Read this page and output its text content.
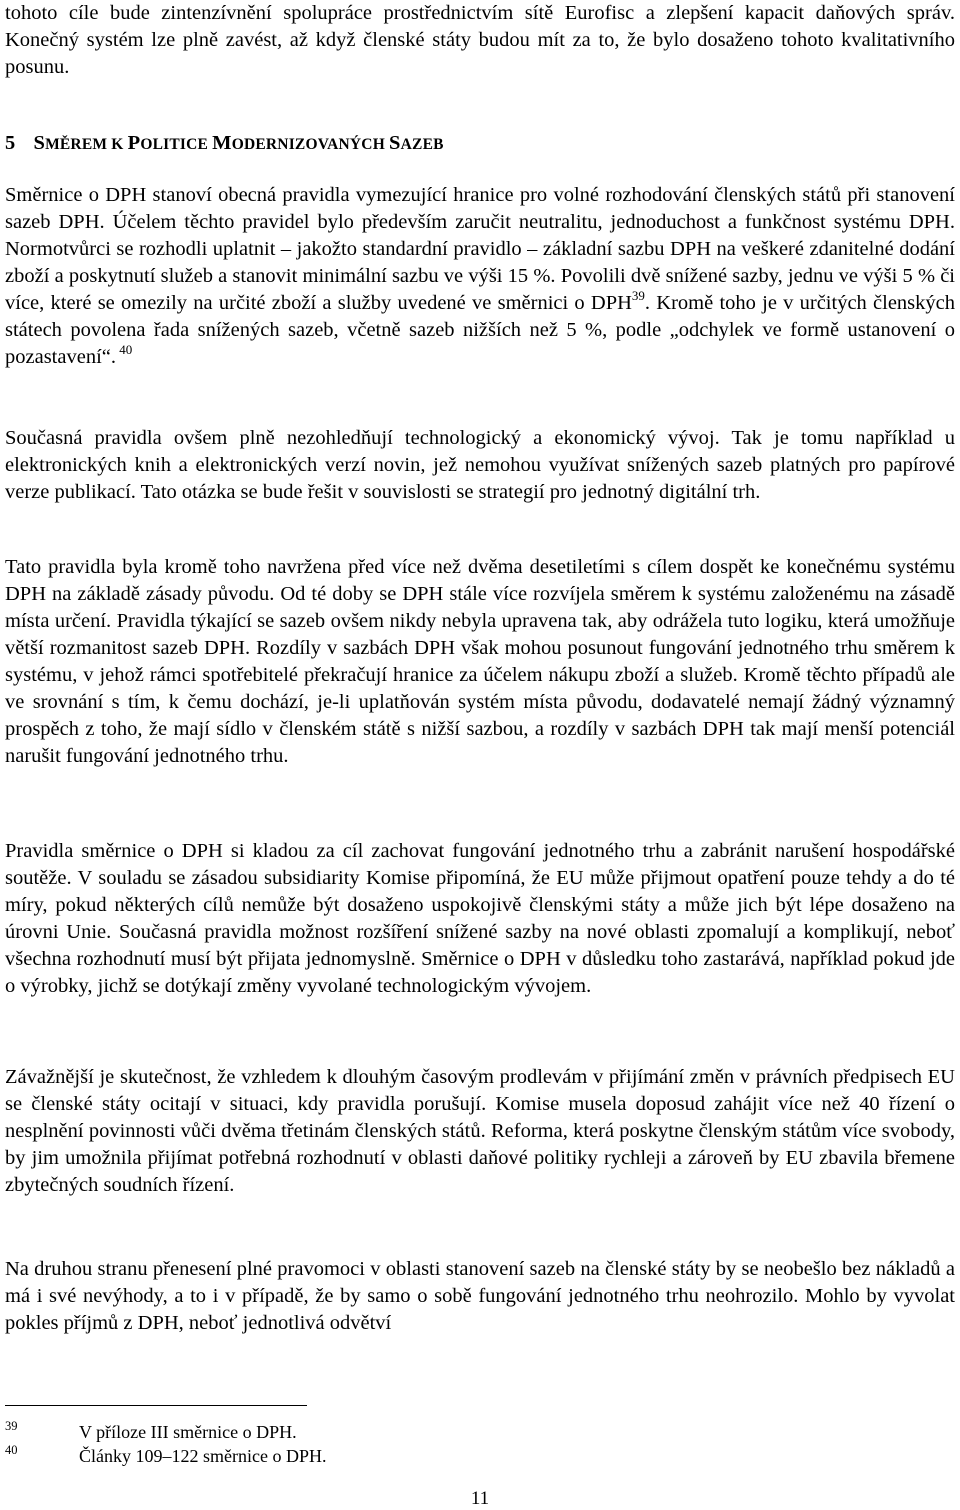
tohoto cíle bude zintenzívnění spolupráce prostřednictvím sítě Eurofisc a zlepšení kapacit daňových správ. Konečný systém lze plně zavést, až když členské státy budou mít za to, že bylo dosaženo tohoto kvalitativního posunu.

5 SMĚREM K POLITICE MODERNIZOVANÝCH SAZEB

Směrnice o DPH stanoví obecná pravidla vymezující hranice pro volné rozhodování členských států při stanovení sazeb DPH. Účelem těchto pravidel bylo především zaručit neutralitu, jednoduchost a funkčnost systému DPH. Normotvůrci se rozhodli uplatnit – jakožto standardní pravidlo – základní sazbu DPH na veškeré zdanitelné dodání zboží a poskytnutí služeb a stanovit minimální sazbu ve výši 15 %. Povolili dvě snížené sazby, jednu ve výši 5 % či více, které se omezily na určité zboží a služby uvedené ve směrnici o DPH$^{39}$. Kromě toho je v určitých členských státech povolena řada snížených sazeb, včetně sazeb nižších než 5 %, podle „odchylek ve formě ustanovení o pozastavení“. $^{40}$

Současná pravidla ovšem plně nezohledňují technologický a ekonomický vývoj. Tak je tomu například u elektronických knih a elektronických verzí novin, jež nemohou využívat snížených sazeb platných pro papírové verze publikací. Tato otázka se bude řešit v souvislosti se strategií pro jednotný digitální trh.

Tato pravidla byla kromě toho navržena před více než dvěma desetiletími s cílem dospět ke konečnému systému DPH na základě zásady původu. Od té doby se DPH stále více rozvíjela směrem k systému založenému na zásadě místa určení. Pravidla týkající se sazeb ovšem nikdy nebyla upravena tak, aby odrážela tuto logiku, která umožňuje větší rozmanitost sazeb DPH. Rozdíly v sazbách DPH však mohou posunout fungování jednotného trhu směrem k systému, v jehož rámci spotřebitelé překračují hranice za účelem nákupu zboží a služeb. Kromě těchto případů ale ve srovnání s tím, k čemu dochází, je-li uplatňován systém místa původu, dodavatelé nemají žádný významný prospěch z toho, že mají sídlo v členském státě s nižší sazbou, a rozdíly v sazbách DPH tak mají menší potenciál narušit fungování jednotného trhu.

Pravidla směrnice o DPH si kladou za cíl zachovat fungování jednotného trhu a zabránit narušení hospodářské soutěže. V souladu se zásadou subsidiarity Komise připomíná, že EU může přijmout opatření pouze tehdy a do té míry, pokud některých cílů nemůže být dosaženo uspokojivě členskými státy a může jich být lépe dosaženo na úrovni Unie. Současná pravidla možnost rozšíření snížené sazby na nové oblasti zpomalují a komplikují, neboť všechna rozhodnutí musí být přijata jednomyslně. Směrnice o DPH v důsledku toho zastarává, například pokud jde o výrobky, jichž se dotýkají změny vyvolané technologickým vývojem.

Závažnější je skutečnost, že vzhledem k dlouhým časovým prodlevám v přijímání změn v právních předpisech EU se členské státy ocitají v situaci, kdy pravidla porušují. Komise musela doposud zahájit více než 40 řízení o nesplnění povinnosti vůči dvěma třetinám členských států. Reforma, která poskytne členským státům více svobody, by jim umožnila přijímat potřebná rozhodnutí v oblasti daňové politiky rychleji a zároveň by EU zbavila břemene zbytečných soudních řízení.

Na druhou stranu přenesení plné pravomoci v oblasti stanovení sazeb na členské státy by se neobešlo bez nákladů a má i své nevýhody, a to i v případě, že by samo o sobě fungování jednotného trhu neohrozilo. Mohlo by vyvolat pokles příjmů z DPH, neboť jednotlivá odvětví

39	V příloze III směrnice o DPH.
40	Články 109–122 směrnice o DPH.
11
